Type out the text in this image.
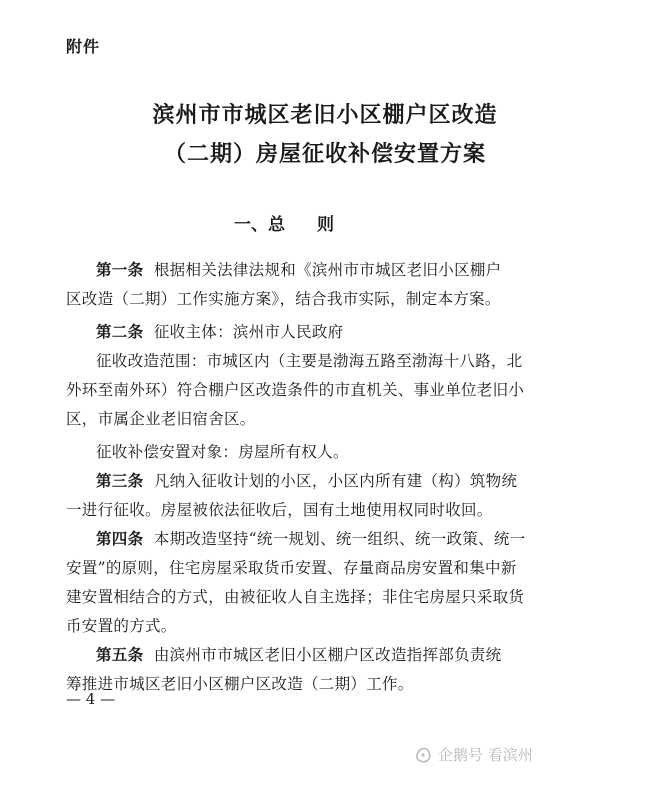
附件
滨州市市城区老旧小区棚户区改造
（二期）房屋征收补偿安置方案
一、总 则
第一条 根据相关法律法规和《滨州市市城区老旧小区棚户
区改造（二期）工作实施方案》，结合我市实际，制定本方案。
第二条 征收主体：滨州市人民政府
征收改造范围：市城区内（主要是渤海五路至渤海十八路，北
外环至南外环）符合棚户区改造条件的市直机关、事业单位老旧小
区，市属企业老旧宿舍区。
征收补偿安置对象：房屋所有权人。
第三条 凡纳入征收计划的小区，小区内所有建（构）筑物统
一进行征收。房屋被依法征收后，国有土地使用权同时收回。
第四条 本期改造坚持“统一规划、统一组织、统一政策、统一
安置”的原则，住宅房屋采取货币安置、存量商品房安置和集中新
建安置相结合的方式，由被征收人自主选择；非住宅房屋只采取货
币安置的方式。
第五条 由滨州市市城区老旧小区棚户区改造指挥部负责统
筹推进市城区老旧小区棚户区改造（二期）工作。
— 4 —
企鹅号 看滨州
